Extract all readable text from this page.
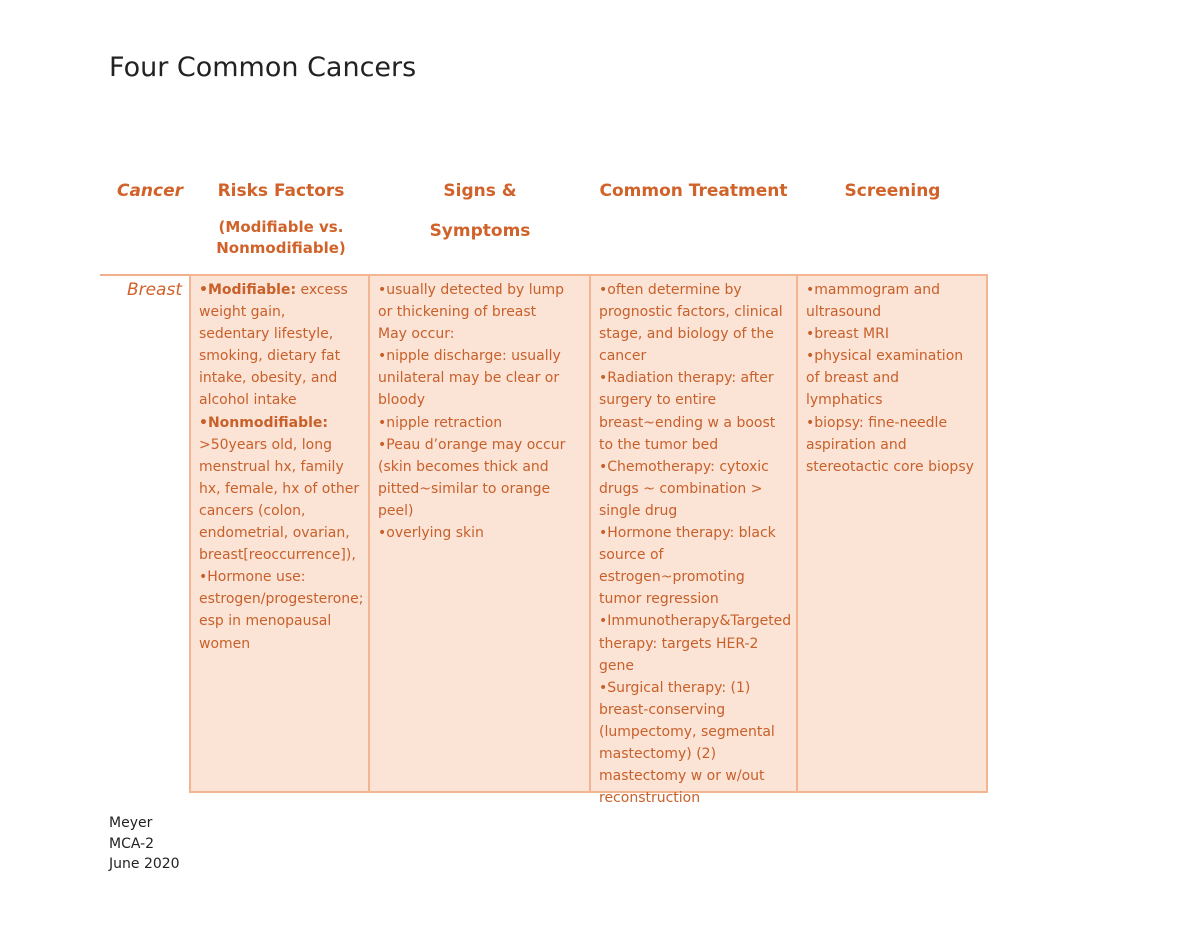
Four Common Cancers
Cancer	Risks Factors
(Modifiable vs. Nonmodifiable)
Signs &
Symptoms
Common Treatment	Screening
Breast •Modifiable: excess weight gain, sedentary lifestyle, smoking, dietary fat intake, obesity, and alcohol intake

•Nonmodifiable:

>50years old, long menstrual hx, family hx, female, hx of other cancers (colon, endometrial, ovarian, breast[reoccurrence]),

•Hormone use: estrogen/progesterone; esp in menopausal women

•usually detected by lump or thickening of breast

May occur:

•nipple discharge: usually unilateral may be clear or bloody

•nipple retraction

•Peau d’orange may occur (skin becomes thick and pitted~similar to orange peel)

•overlying skin

•often determine by prognostic factors, clinical stage, and biology of the cancer

•Radiation therapy: after surgery to entire breast~ending w a boost to the tumor bed

•Chemotherapy: cytoxic drugs ~ combination > single drug

•Hormone therapy: black source of estrogen~promoting tumor regression

•Immunotherapy&Targeted therapy: targets HER-2 gene

•Surgical therapy: (1) breast-conserving (lumpectomy, segmental mastectomy) (2) mastectomy w or w/out reconstruction

•mammogram and ultrasound

•breast MRI

•physical examination of breast and lymphatics

•biopsy: fine-needle aspiration and stereotactic core biopsy

Meyer
MCA-2
June 2020
